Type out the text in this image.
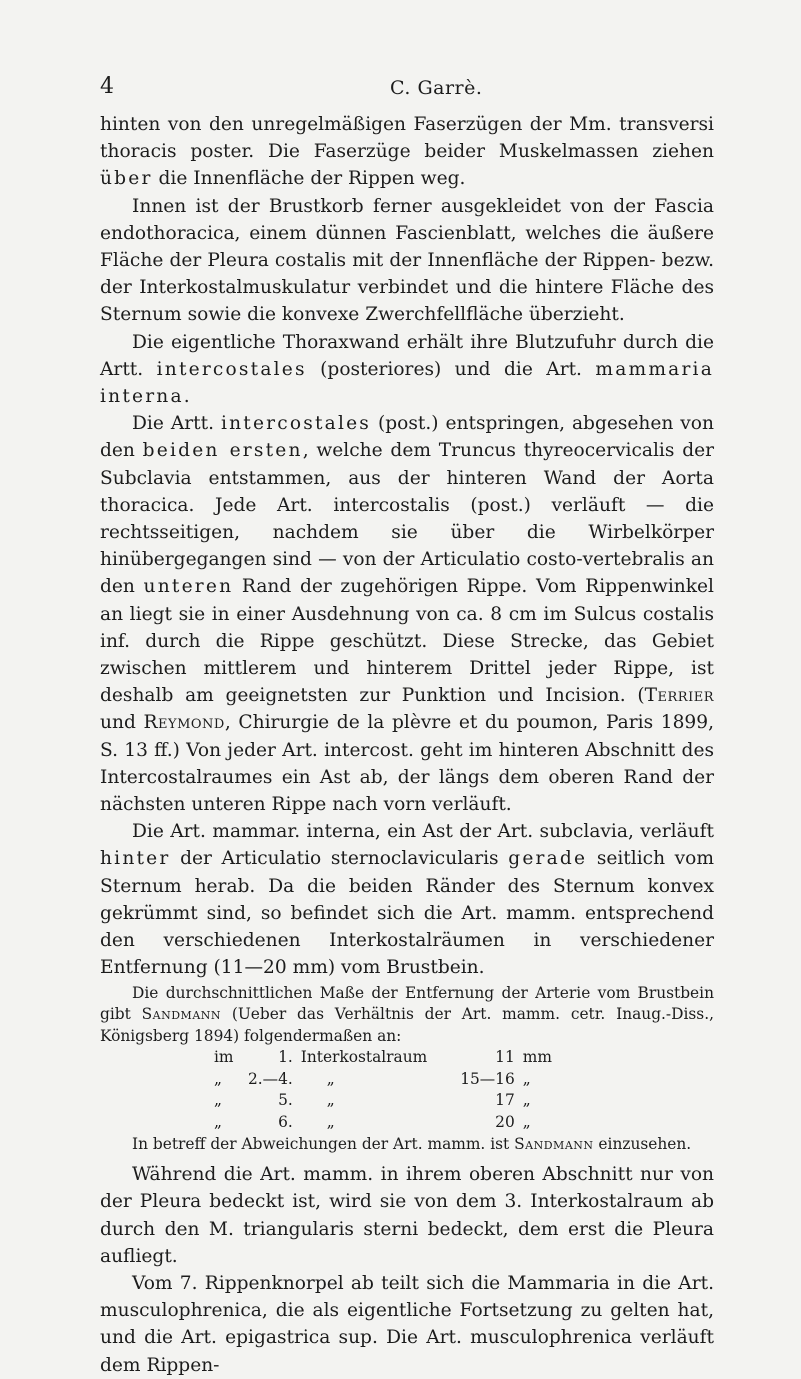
4	C. Garrè.

hinten von den unregelmäßigen Faserzügen der Mm. transversi thoracis poster. Die Faserzüge beider Muskelmassen ziehen über die Innenfläche der Rippen weg.

Innen ist der Brustkorb ferner ausgekleidet von der Fascia endothoracica, einem dünnen Fascienblatt, welches die äußere Fläche der Pleura costalis mit der Innenfläche der Rippen- bezw. der Interkostalmuskulatur verbindet und die hintere Fläche des Sternum sowie die konvexe Zwerchfellfläche überzieht.

Die eigentliche Thoraxwand erhält ihre Blutzufuhr durch die Artt. intercostales (posteriores) und die Art. mammaria interna.

Die Artt. intercostales (post.) entspringen, abgesehen von den beiden ersten, welche dem Truncus thyreocervicalis der Subclavia entstammen, aus der hinteren Wand der Aorta thoracica. Jede Art. intercostalis (post.) verläuft — die rechtsseitigen, nachdem sie über die Wirbelkörper hinübergegangen sind — von der Articulatio costo-vertebralis an den unteren Rand der zugehörigen Rippe. Vom Rippenwinkel an liegt sie in einer Ausdehnung von ca. 8 cm im Sulcus costalis inf. durch die Rippe geschützt. Diese Strecke, das Gebiet zwischen mittlerem und hinterem Drittel jeder Rippe, ist deshalb am geeignetsten zur Punktion und Incision. (Terrier und Reymond, Chirurgie de la plèvre et du poumon, Paris 1899, S. 13 ff.) Von jeder Art. intercost. geht im hinteren Abschnitt des Intercostalraumes ein Ast ab, der längs dem oberen Rand der nächsten unteren Rippe nach vorn verläuft.

Die Art. mammar. interna, ein Ast der Art. subclavia, verläuft hinter der Articulatio sternoclavicularis gerade seitlich vom Sternum herab. Da die beiden Ränder des Sternum konvex gekrümmt sind, so befindet sich die Art. mamm. entsprechend den verschiedenen Interkostalräumen in verschiedener Entfernung (11—20 mm) vom Brustbein.

Die durchschnittlichen Maße der Entfernung der Arterie vom Brustbein gibt Sandmann (Ueber das Verhältnis der Art. mamm. cetr. Inaug.-Diss., Königsberg 1894) folgendermaßen an:

im	1.	Interkostalraum	11	mm
„	2.—4.	„	15—16	„
„	5.	„	17	„
„	6.	„	20	„

In betreff der Abweichungen der Art. mamm. ist Sandmann einzusehen.

Während die Art. mamm. in ihrem oberen Abschnitt nur von der Pleura bedeckt ist, wird sie von dem 3. Interkostalraum ab durch den M. triangularis sterni bedeckt, dem erst die Pleura aufliegt.

Vom 7. Rippenknorpel ab teilt sich die Mammaria in die Art. musculophrenica, die als eigentliche Fortsetzung zu gelten hat, und die Art. epigastrica sup. Die Art. musculophrenica verläuft dem Rippen-
